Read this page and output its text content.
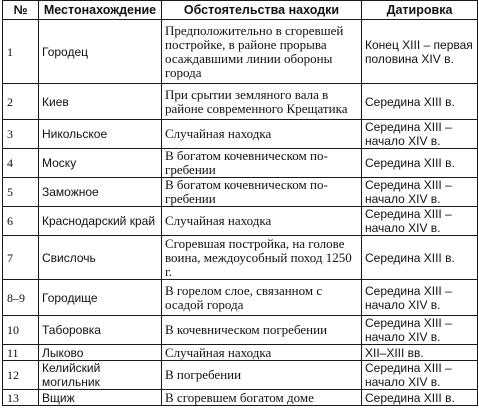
№	Местонахождение	Обстоятельства находки	Датировка
1	Городец	Предположительно в сгоревшей постройке, в районе прорыва осаждавшими линии обороны города	Конец XIII – первая половина XIV в.
2	Киев	При срытии земляного вала в районе современного Крещатика	Середина XIII в.
3	Никольское	Случайная находка	Середина XIII – начало XIV в.
4	Моску	В богатом кочевническом погребении	Середина XIII в.
5	Заможное	В богатом кочевническом погребении	Середина XIII – начало XIV в.
6	Краснодарский край	Случайная находка	Середина XIII – начало XIV в.
7	Свислочь	Сгоревшая постройка, на голове воина, междоусобный поход 1250 г.	Середина XIII в.
8–9	Городище	В горелом слое, связанном с осадой города	Середина XIII – начало XIV в.
10	Таборовка	В кочевническом погребении	Середина XIII – начало XIV в.
11	Лыково	Случайная находка	XII–XIII вв.
12	Келийский могильник	В погребении	Середина XIII – начало XIV в.
13	Вщиж	В сгоревшем богатом доме	Середина XIII в.
